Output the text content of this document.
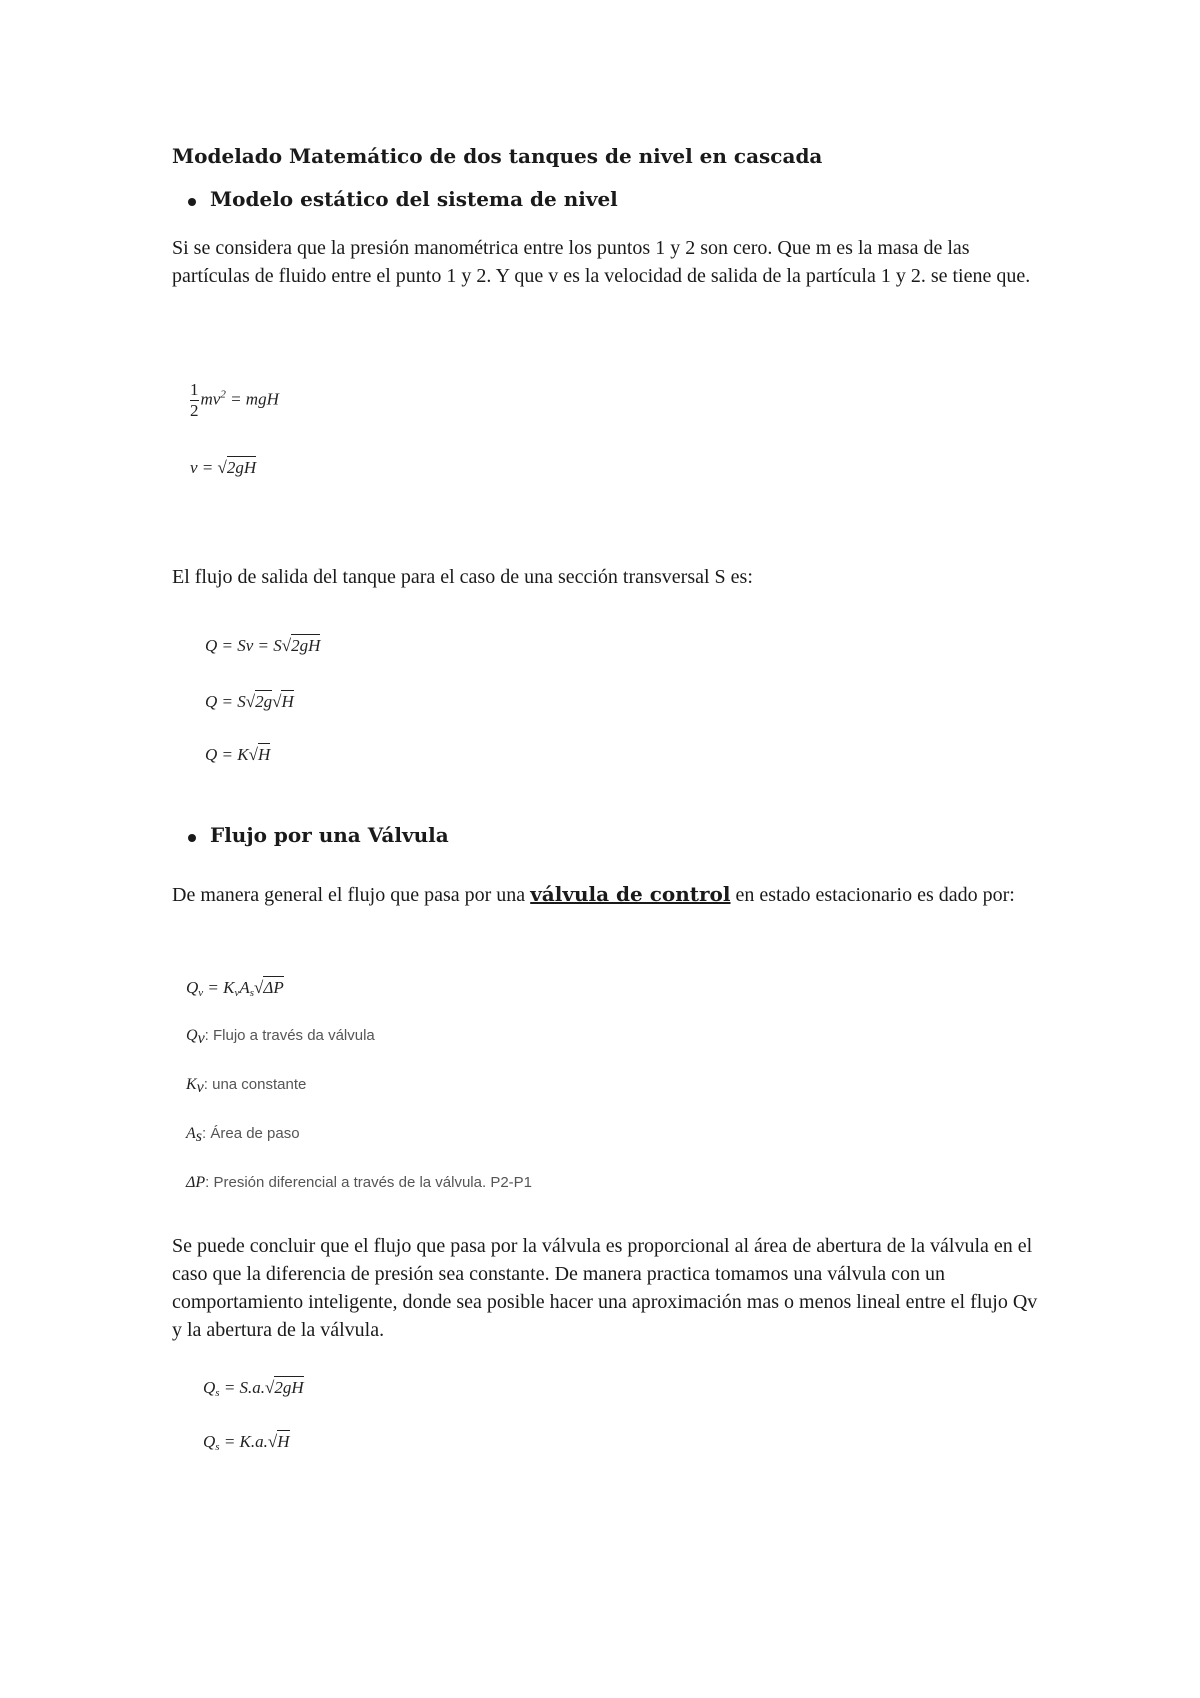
Modelado Matemático de dos tanques de nivel en cascada
Modelo estático del sistema de nivel
Si se considera que la presión manométrica entre los puntos 1 y 2 son cero. Que m es la masa de las partículas de fluido entre el punto 1 y 2. Y que v es la velocidad de salida de la partícula 1 y 2. se tiene que.
$\frac{1}{2} mv^2$ = mgH
v = √2gH
El flujo de salida del tanque para el caso de una sección transversal S es:
Q = Sv = S√2gH
Q = S√2g√H
Q = K√H
Flujo por una Válvula
De manera general el flujo que pasa por una válvula de control en estado estacionario es dado por:
$Q_v = K_vA_s√\Delta P$
Qv: Flujo a través da válvula
Kv: una constante
As: Área de paso
ΔP: Presión diferencial a través de la válvula. P2-P1
Se puede concluir que el flujo que pasa por la válvula es proporcional al área de abertura de la válvula en el caso que la diferencia de presión sea constante. De manera practica tomamos una válvula con un comportamiento inteligente, donde sea posible hacer una aproximación mas o menos lineal entre el flujo Qv y la abertura de la válvula.
$Q_s = S.a.√2gH$
$Q_s = K.a.√H$
